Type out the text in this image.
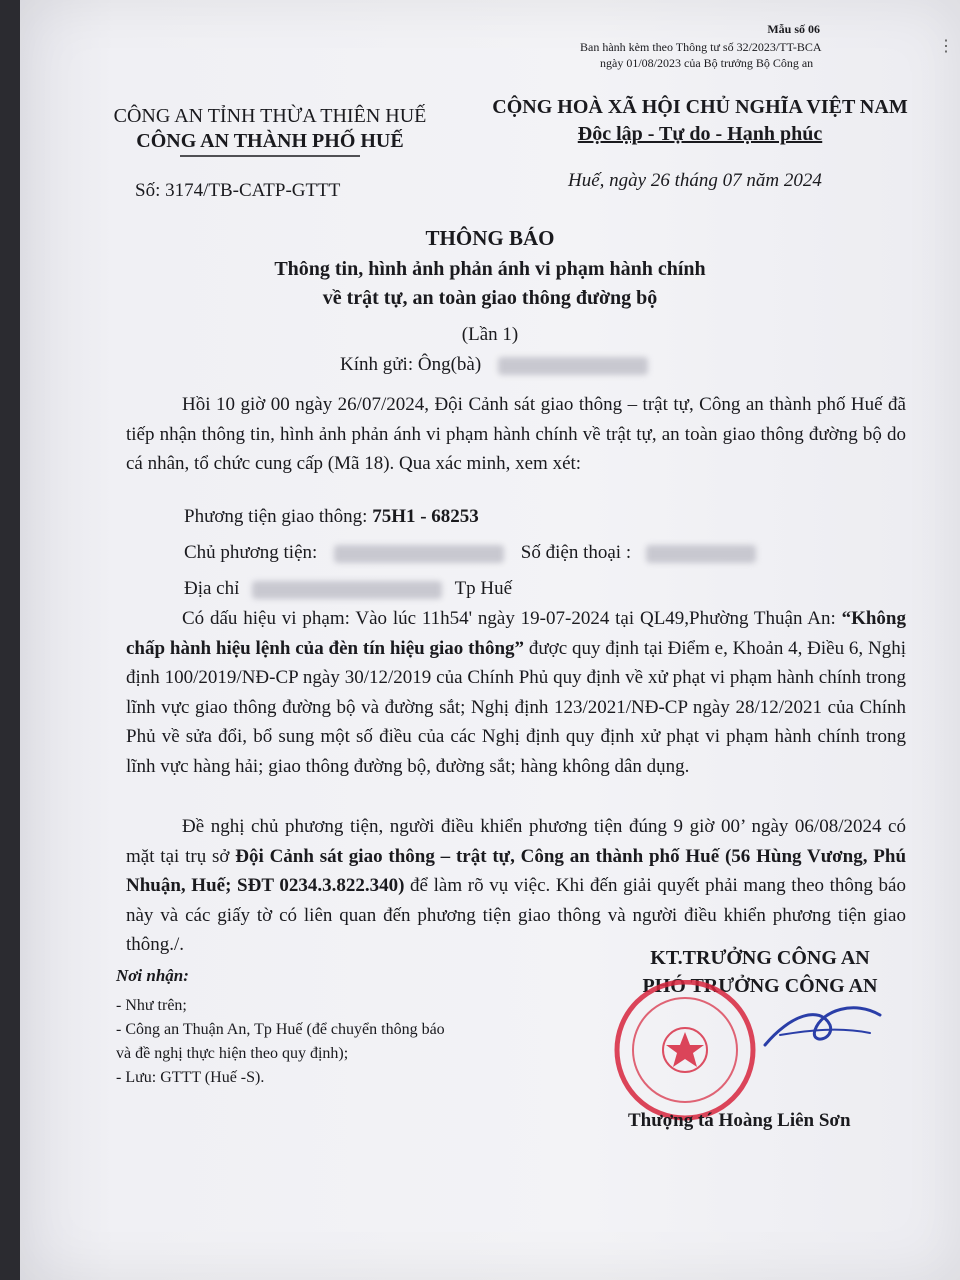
Mẫu số 06
Ban hành kèm theo Thông tư số 32/2023/TT-BCA
ngày 01/08/2023 của Bộ trưởng Bộ Công an
⋮
CÔNG AN TỈNH THỪA THIÊN HUẾ
CÔNG AN THÀNH PHỐ HUẾ
CỘNG HOÀ XÃ HỘI CHỦ NGHĨA VIỆT NAM
Độc lập - Tự do - Hạnh phúc
Số: 3174/TB-CATP-GTTT	Huế, ngày 26 tháng 07 năm 2024
THÔNG BÁO
Thông tin, hình ảnh phản ánh vi phạm hành chính
về trật tự, an toàn giao thông đường bộ
(Lần 1)
Kính gửi: Ông(bà)

Hồi 10 giờ 00 ngày 26/07/2024, Đội Cảnh sát giao thông – trật tự, Công an thành phố Huế đã tiếp nhận thông tin, hình ảnh phản ánh vi phạm hành chính về trật tự, an toàn giao thông đường bộ do cá nhân, tổ chức cung cấp (Mã 18). Qua xác minh, xem xét:

Phương tiện giao thông: 75H1 - 68253
Chủ phương tiện:	Số điện thoại :
Địa chỉ	Tp Huế

Có dấu hiệu vi phạm: Vào lúc 11h54' ngày 19-07-2024 tại QL49,Phường Thuận An: “Không chấp hành hiệu lệnh của đèn tín hiệu giao thông” được quy định tại Điểm e, Khoản 4, Điều 6, Nghị định 100/2019/NĐ-CP ngày 30/12/2019 của Chính Phủ quy định về xử phạt vi phạm hành chính trong lĩnh vực giao thông đường bộ và đường sắt; Nghị định 123/2021/NĐ-CP ngày 28/12/2021 của Chính Phủ về sửa đổi, bổ sung một số điều của các Nghị định quy định xử phạt vi phạm hành chính trong lĩnh vực hàng hải; giao thông đường bộ, đường sắt; hàng không dân dụng.

Đề nghị chủ phương tiện, người điều khiển phương tiện đúng 9 giờ 00’ ngày 06/08/2024 có mặt tại trụ sở Đội Cảnh sát giao thông – trật tự, Công an thành phố Huế (56 Hùng Vương, Phú Nhuận, Huế; SĐT 0234.3.822.340) để làm rõ vụ việc. Khi đến giải quyết phải mang theo thông báo này và các giấy tờ có liên quan đến phương tiện giao thông và người điều khiển phương tiện giao thông./.

Nơi nhận:
- Như trên;
- Công an Thuận An, Tp Huế (để chuyển thông báo
và đề nghị thực hiện theo quy định);
- Lưu: GTTT (Huế -S).
KT.TRƯỞNG CÔNG AN
PHÓ TRƯỞNG CÔNG AN
Thượng tá Hoàng Liên Sơn
